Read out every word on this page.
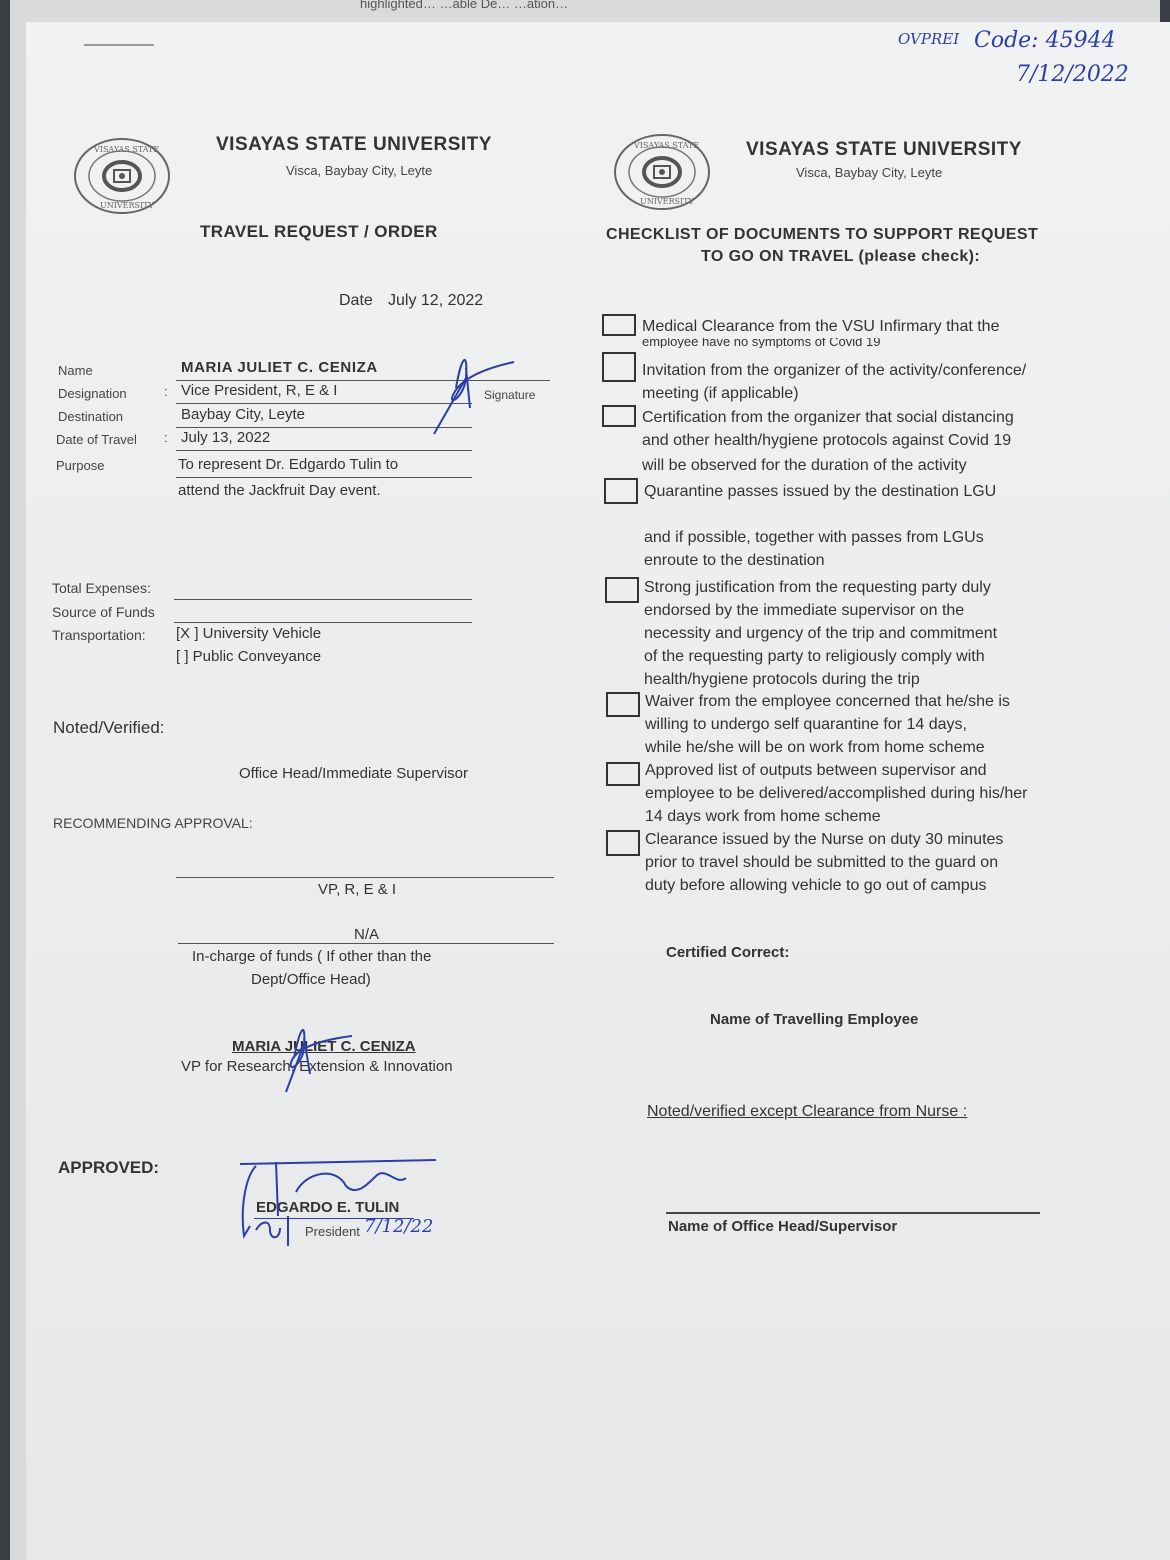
highlighted… …able De… …ation…
OVPREI Code: 45944
7/12/2022
VISAYAS STATE
UNIVERSITY
VISAYAS STATE UNIVERSITY
Visca, Baybay City, Leyte
TRAVEL REQUEST / ORDER
Date July 12, 2022
Name	MARIA JULIET C. CENIZA
Designation	: Vice President, R, E & I	Signature
Destination	Baybay City, Leyte
Date of Travel : July 13, 2022
Purpose	To represent Dr. Edgardo Tulin to
attend the Jackfruit Day event.
Total Expenses:
Source of Funds
Transportation: [X ] University Vehicle
[ ] Public Conveyance
Noted/Verified:
Office Head/Immediate Supervisor
RECOMMENDING APPROVAL:
VP, R, E & I
N/A
In-charge of funds ( If other than the
Dept/Office Head)
MARIA JULIET C. CENIZA
VP for Research, Extension & Innovation
APPROVED:
EDGARDO E. TULIN
President 7/12/22
VISAYAS STATE
UNIVERSITY
VISAYAS STATE UNIVERSITY
Visca, Baybay City, Leyte
CHECKLIST OF DOCUMENTS TO SUPPORT REQUEST
TO GO ON TRAVEL (please check):
Medical Clearance from the VSU Infirmary that the
employee have no symptoms of Covid 19
Invitation from the organizer of the activity/conference/
meeting (if applicable)
Certification from the organizer that social distancing
and other health/hygiene protocols against Covid 19
will be observed for the duration of the activity
Quarantine passes issued by the destination LGU
and if possible, together with passes from LGUs
enroute to the destination
Strong justification from the requesting party duly
endorsed by the immediate supervisor on the
necessity and urgency of the trip and commitment
of the requesting party to religiously comply with
health/hygiene protocols during the trip
Waiver from the employee concerned that he/she is
willing to undergo self quarantine for 14 days,
while he/she will be on work from home scheme
Approved list of outputs between supervisor and
employee to be delivered/accomplished during his/her
14 days work from home scheme
Clearance issued by the Nurse on duty 30 minutes
prior to travel should be submitted to the guard on
duty before allowing vehicle to go out of campus
Certified Correct:
Name of Travelling Employee
Noted/verified except Clearance from Nurse :
Name of Office Head/Supervisor
